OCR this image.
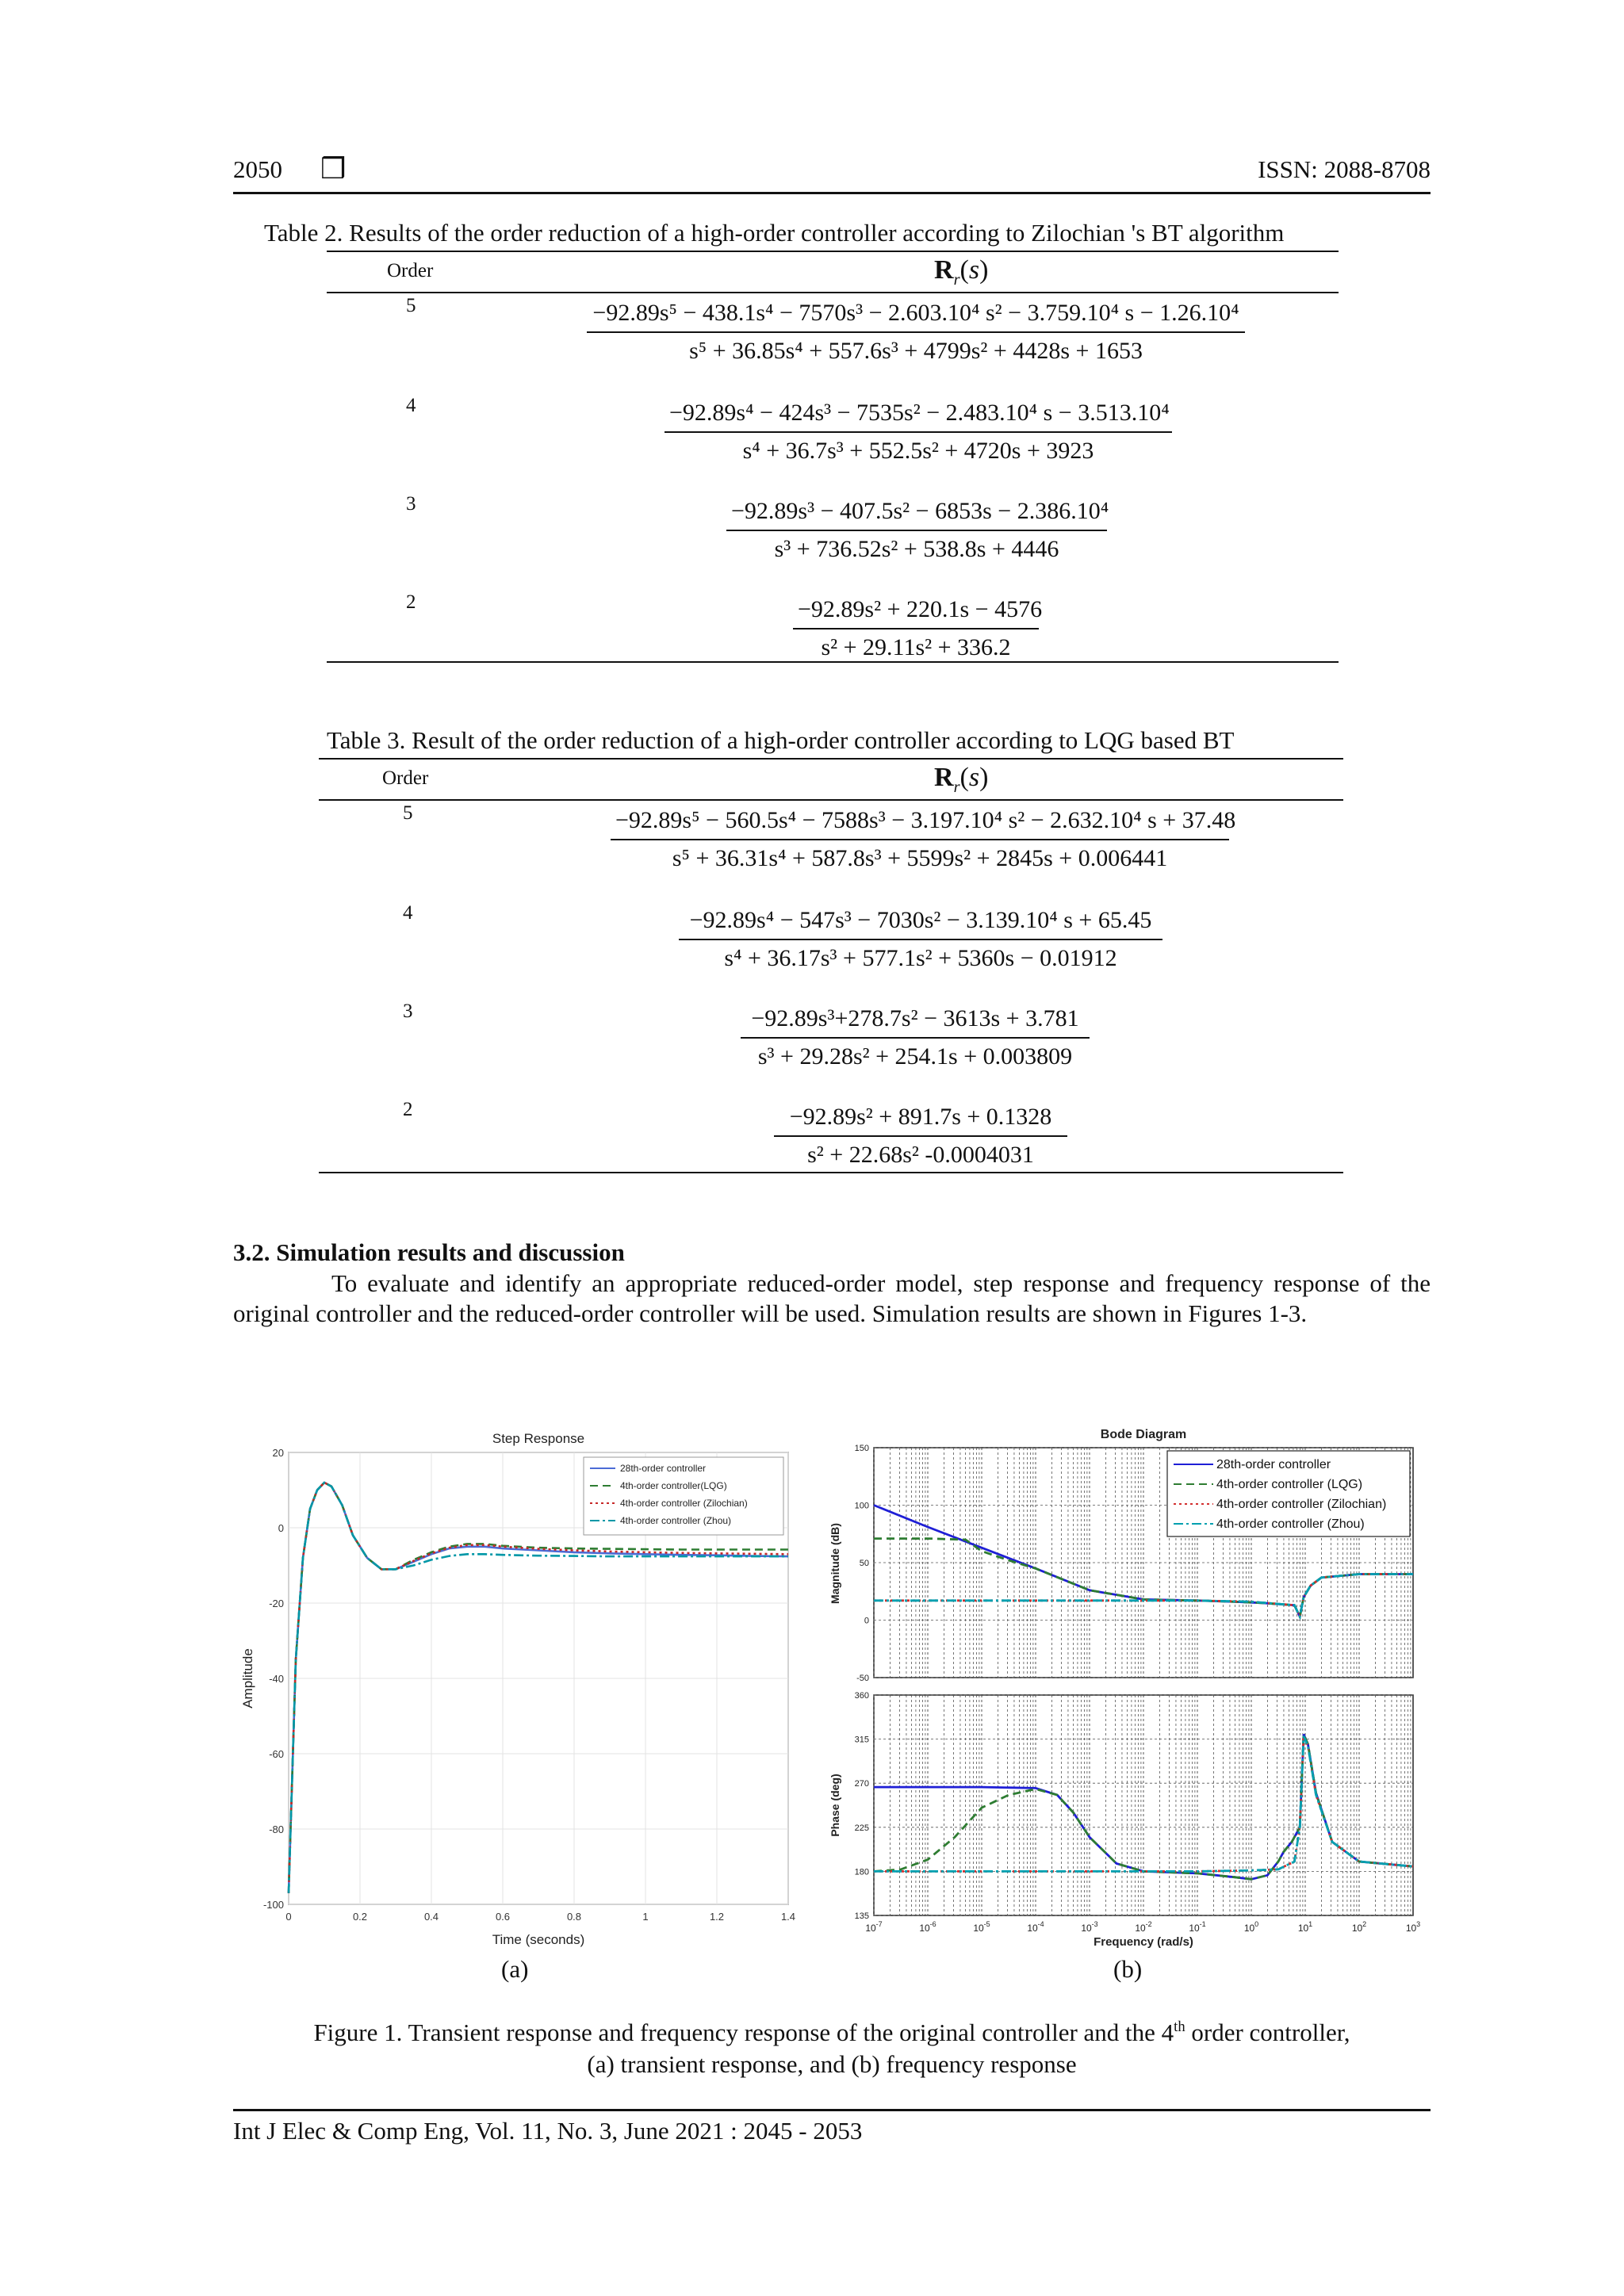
2050 ❒	ISSN: 2088-8708
Table 2. Results of the order reduction of a high-order controller according to Zilochian 's BT algorithm
Order	$R_r(s)$
5	−92.89s⁵ − 438.1s⁴ − 7570s³ − 2.603.10⁴ s² − 3.759.10⁴ s − 1.26.10⁴
s⁵ + 36.85s⁴ + 557.6s³ + 4799s² + 4428s + 1653
4	$\frac{\text{−92.89s⁴ − 424s³ − 7535s² − 2.483.10⁴ s − 3.513.10⁴}}{\text{s⁴ + 36.7s³ + 552.5s² + 4720s + 3923}}$
3	$\frac{\text{−92.89s³ − 407.5s² − 6853s − 2.386.10⁴}}{\text{s³ + 736.52s² + 538.8s + 4446}}$
2	$\frac{\text{−92.89s² + 220.1s − 4576}}{\text{s² + 29.11s² + 336.2}}$
Table 3. Result of the order reduction of a high-order controller according to LQG based BT
Order	$R_r(s)$
5	−92.89s⁵ − 560.5s⁴ − 7588s³ − 3.197.10⁴ s² − 2.632.10⁴ s + 37.48
s⁵ + 36.31s⁴ + 587.8s³ + 5599s² + 2845s + 0.006441
4	$\frac{\text{−92.89s⁴ − 547s³ − 7030s² − 3.139.10⁴ s + 65.45}}{\text{s⁴ + 36.17s³ + 577.1s² + 5360s − 0.01912}}$
3	$\frac{\text{−92.89s³+278.7s² − 3613s + 3.781}}{\text{s³ + 29.28s² + 254.1s + 0.003809}}$
2	$\frac{\text{−92.89s² + 891.7s + 0.1328}}{\text{s² + 22.68s² -0.0004031}}$
3.2. Simulation results and discussion
To evaluate and identify an appropriate reduced-order model, step response and frequency response of the original controller and the reduced-order controller will be used. Simulation results are shown in Figures 1-3.
0	0.2	0.4	0.6	0.8	1	1.2	1.4
20
0
-20
-40
-60
-80
-100
Step Response
Time (seconds)
Amplitude
28th-order controller
4th-order controller(LQG)
4th-order controller (Zilochian)
4th-order controller (Zhou)
$10^{-7}$	$10^{-6}$	$10^{-5}$	$10^{-4}$	$10^{-3}$	$10^{-2}$	$10^{-1}$	$10^0$	$10^1$	$10^2$	$10^3$
150
100
50
0
-50
360
315
270
225
180
135
Bode Diagram
Frequency (rad/s)
Magnitude (dB)
Phase (deg)
28th-order controller
4th-order controller (LQG)
4th-order controller (Zilochian)
4th-order controller (Zhou)
(a)	(b)
Figure 1. Transient response and frequency response of the original controller and the 4th order controller,
(a) transient response, and (b) frequency response
Int J Elec & Comp Eng, Vol. 11, No. 3, June 2021 : 2045 - 2053
